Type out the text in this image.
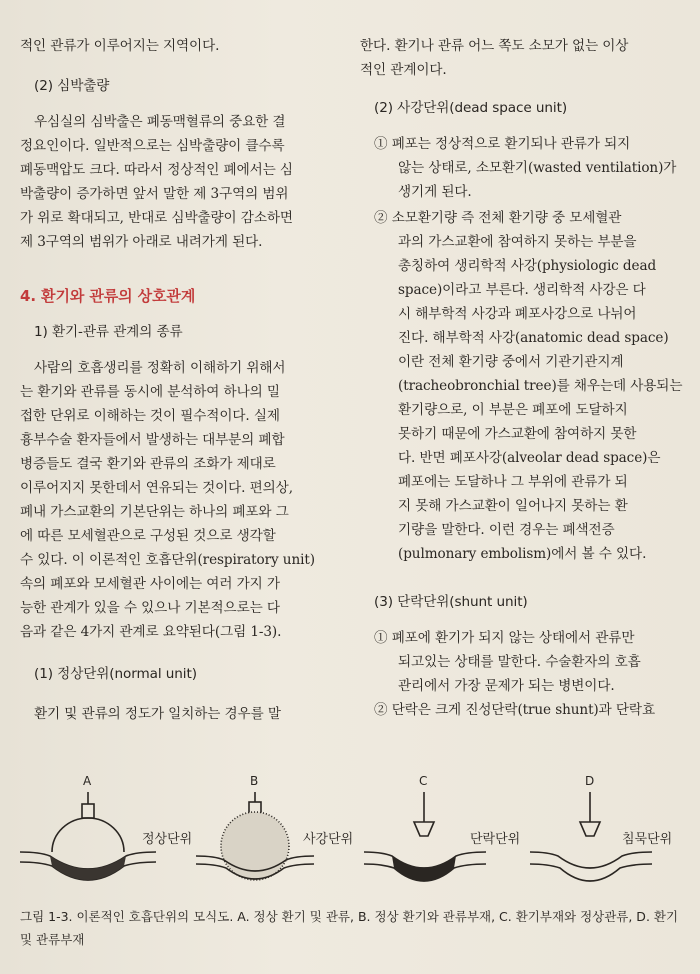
적인 관류가 이루어지는 지역이다.
(2) 심박출량
우심실의 심박출은 폐동맥혈류의 중요한 결
정요인이다. 일반적으로는 심박출량이 클수록
폐동맥압도 크다. 따라서 정상적인 폐에서는 심
박출량이 증가하면 앞서 말한 제 3구역의 범위
가 위로 확대되고, 반대로 심박출량이 감소하면
제 3구역의 범위가 아래로 내려가게 된다.
4. 환기와 관류의 상호관계
1) 환기-관류 관계의 종류
사람의 호흡생리를 정확히 이해하기 위해서
는 환기와 관류를 동시에 분석하여 하나의 밀
접한 단위로 이해하는 것이 필수적이다. 실제
흉부수술 환자들에서 발생하는 대부분의 폐합
병증들도 결국 환기와 관류의 조화가 제대로
이루어지지 못한데서 연유되는 것이다. 편의상,
폐내 가스교환의 기본단위는 하나의 폐포와 그
에 따른 모세혈관으로 구성된 것으로 생각할
수 있다. 이 이론적인 호흡단위(respiratory unit)
속의 폐포와 모세혈관 사이에는 여러 가지 가
능한 관계가 있을 수 있으나 기본적으로는 다
음과 같은 4가지 관계로 요약된다(그림 1-3).
(1) 정상단위(normal unit)
환기 및 관류의 정도가 일치하는 경우를 말
한다. 환기나 관류 어느 쪽도 소모가 없는 이상
적인 관계이다.
(2) 사강단위(dead space unit)
① 폐포는 정상적으로 환기되나 관류가 되지
않는 상태로, 소모환기(wasted ventilation)가
생기게 된다.
② 소모환기량 즉 전체 환기량 중 모세혈관
과의 가스교환에 참여하지 못하는 부분을
총칭하여 생리학적 사강(physiologic dead
space)이라고 부른다. 생리학적 사강은 다
시 해부학적 사강과 폐포사강으로 나뉘어
진다. 해부학적 사강(anatomic dead space)
이란 전체 환기량 중에서 기관기관지계
(tracheobronchial tree)를 채우는데 사용되는
환기량으로, 이 부분은 폐포에 도달하지
못하기 때문에 가스교환에 참여하지 못한
다. 반면 폐포사강(alveolar dead space)은
폐포에는 도달하나 그 부위에 관류가 되
지 못해 가스교환이 일어나지 못하는 환
기량을 말한다. 이런 경우는 폐색전증
(pulmonary embolism)에서 볼 수 있다.
(3) 단락단위(shunt unit)
① 폐포에 환기가 되지 않는 상태에서 관류만
되고있는 상태를 말한다. 수술환자의 호흡
관리에서 가장 문제가 되는 병변이다.
② 단락은 크게 진성단락(true shunt)과 단락효
A	B	C	D
정상단위	사강단위	단락단위	침묵단위
그림 1-3. 이론적인 호흡단위의 모식도. A. 정상 환기 및 관류, B. 정상 환기와 관류부재, C. 환기부재와 정상관류, D. 환기 및 관류부재
